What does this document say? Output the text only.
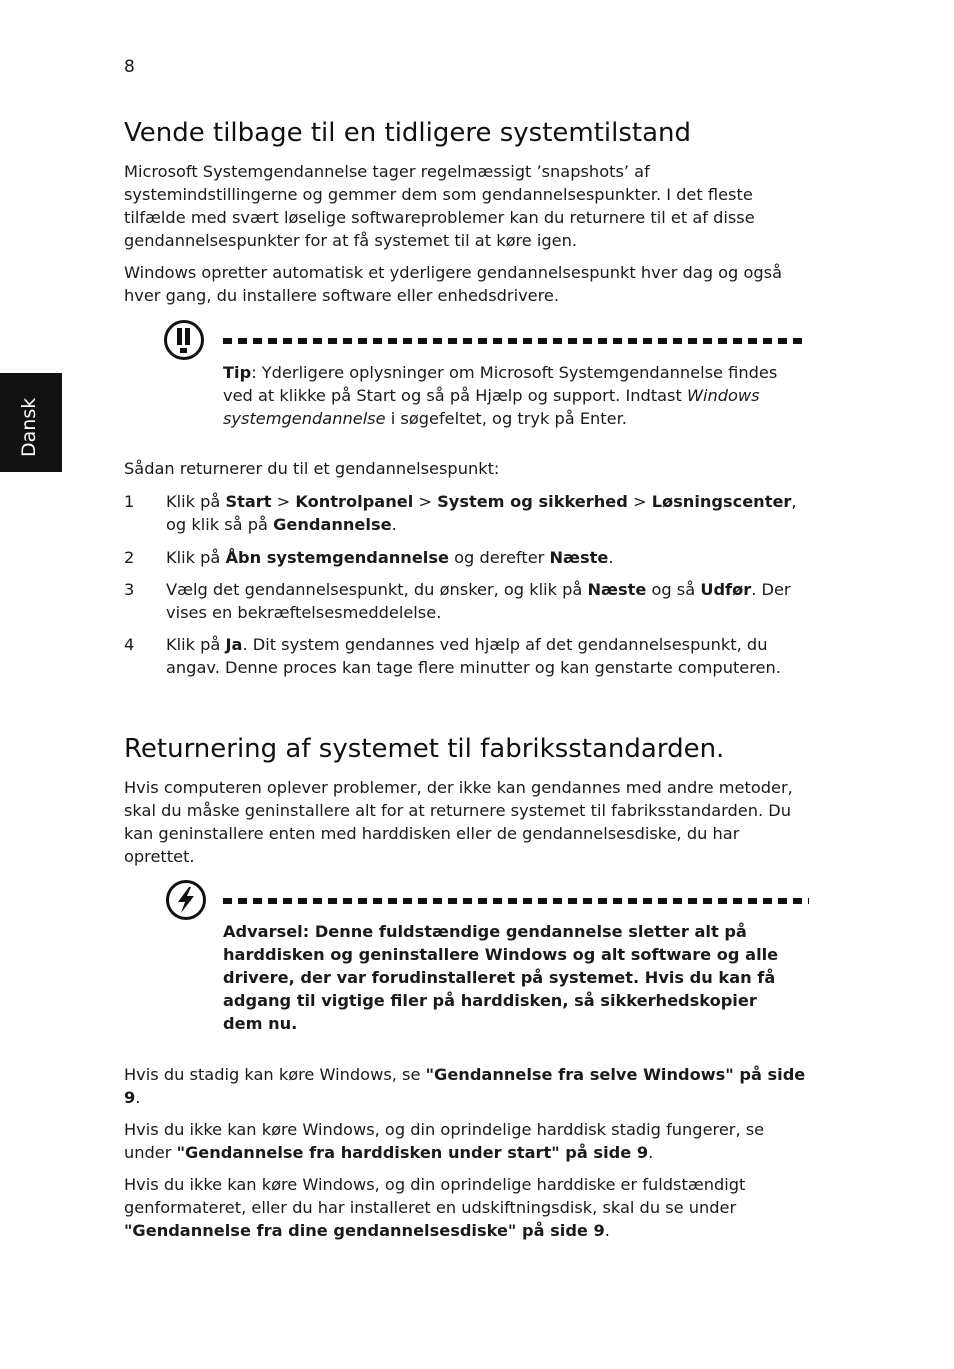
8
Dansk
Vende tilbage til en tidligere systemtilstand

Microsoft Systemgendannelse tager regelmæssigt ’snapshots’ af systemindstillingerne og gemmer dem som gendannelsespunkter. I det fleste tilfælde med svært løselige softwareproblemer kan du returnere til et af disse gendannelsespunkter for at få systemet til at køre igen.

Windows opretter automatisk et yderligere gendannelsespunkt hver dag og også hver gang, du installere software eller enhedsdrivere.

Tip: Yderligere oplysninger om Microsoft Systemgendannelse findes ved at klikke på Start og så på Hjælp og support. Indtast Windows systemgendannelse i søgefeltet, og tryk på Enter.

Sådan returnerer du til et gendannelsespunkt:

1	Klik på Start > Kontrolpanel > System og sikkerhed > Løsningscenter, og klik så på Gendannelse.

2	Klik på Åbn systemgendannelse og derefter Næste.

3	Vælg det gendannelsespunkt, du ønsker, og klik på Næste og så Udfør. Der vises en bekræftelsesmeddelelse.

4	Klik på Ja. Dit system gendannes ved hjælp af det gendannelsespunkt, du angav. Denne proces kan tage flere minutter og kan genstarte computeren.

Returnering af systemet til fabriksstandarden.

Hvis computeren oplever problemer, der ikke kan gendannes med andre metoder, skal du måske geninstallere alt for at returnere systemet til fabriksstandarden. Du kan geninstallere enten med harddisken eller de gendannelsesdiske, du har oprettet.

Advarsel: Denne fuldstændige gendannelse sletter alt på harddisken og geninstallere Windows og alt software og alle drivere, der var forudinstalleret på systemet. Hvis du kan få adgang til vigtige filer på harddisken, så sikkerhedskopier dem nu.

Hvis du stadig kan køre Windows, se "Gendannelse fra selve Windows" på side 9.

Hvis du ikke kan køre Windows, og din oprindelige harddisk stadig fungerer, se under "Gendannelse fra harddisken under start" på side 9.

Hvis du ikke kan køre Windows, og din oprindelige harddiske er fuldstændigt genformateret, eller du har installeret en udskiftningsdisk, skal du se under "Gendannelse fra dine gendannelsesdiske" på side 9.
